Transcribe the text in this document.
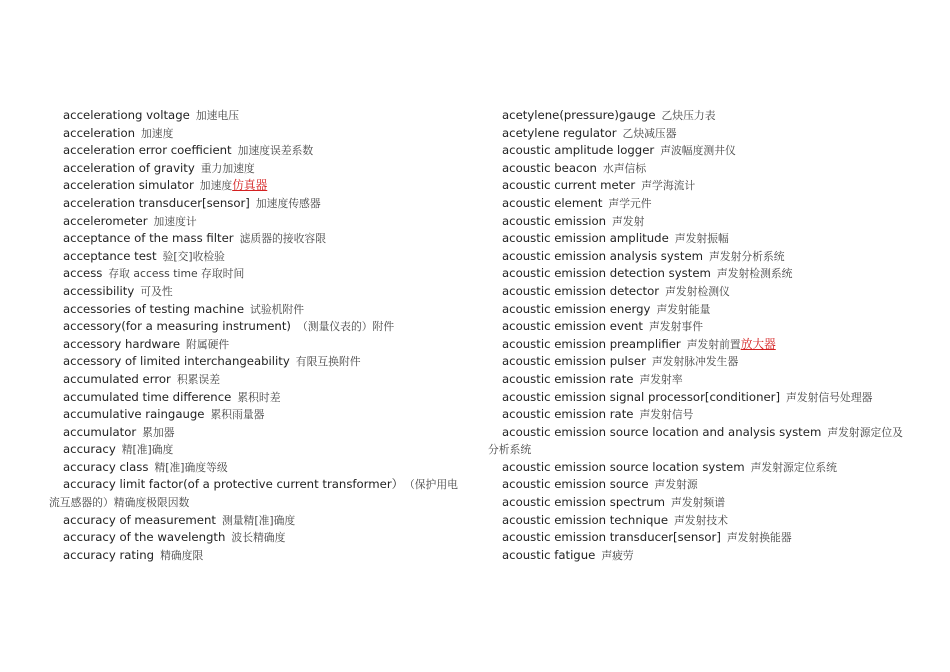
accelerationg voltage 加速电压
acceleration 加速度
acceleration error coefficient 加速度误差系数
acceleration of gravity 重力加速度
acceleration simulator 加速度仿真器
acceleration transducer[sensor] 加速度传感器
accelerometer 加速度计
acceptance of the mass filter 滤质器的接收容限
acceptance test 验[交]收检验
access 存取 access time 存取时间
accessibility 可及性
accessories of testing machine 试验机附件
accessory(for a measuring instrument) （测量仪表的）附件
accessory hardware 附属硬件
accessory of limited interchangeability 有限互换附件
accumulated error 积累误差
accumulated time difference 累积时差
accumulative raingauge 累积雨量器
accumulator 累加器
accuracy 精[准]确度
accuracy class 精[准]确度等级
accuracy limit factor(of a protective current transformer） （保护用电流互感器的）精确度极限因数
accuracy of measurement 测量精[准]确度
accuracy of the wavelength 波长精确度
accuracy rating 精确度限
acetylene(pressure)gauge 乙炔压力表
acetylene regulator 乙炔减压器
acoustic amplitude logger 声波幅度测井仪
acoustic beacon 水声信标
acoustic current meter 声学海流计
acoustic element 声学元件
acoustic emission 声发射
acoustic emission amplitude 声发射振幅
acoustic emission analysis system 声发射分析系统
acoustic emission detection system 声发射检测系统
acoustic emission detector 声发射检测仪
acoustic emission energy 声发射能量
acoustic emission event 声发射事件
acoustic emission preamplifier 声发射前置放大器
acoustic emission pulser 声发射脉冲发生器
acoustic emission rate 声发射率
acoustic emission signal processor[conditioner] 声发射信号处理器
acoustic emission rate 声发射信号
acoustic emission source location and analysis system 声发射源定位及分析系统
acoustic emission source location system 声发射源定位系统
acoustic emission source 声发射源
acoustic emission spectrum 声发射频谱
acoustic emission technique 声发射技术
acoustic emission transducer[sensor] 声发射换能器
acoustic fatigue 声疲劳
